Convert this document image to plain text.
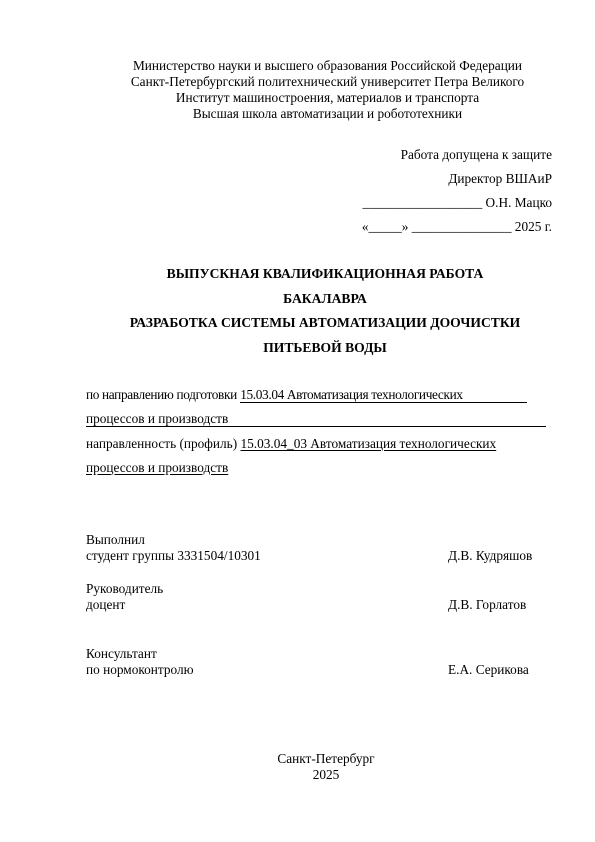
Министерство науки и высшего образования Российской Федерации
Санкт-Петербургский политехнический университет Петра Великого
Институт машиностроения, материалов и транспорта
Высшая школа автоматизации и робототехники
Работа допущена к защите
Директор ВШАиР
__________________ О.Н. Мацко
«_____» _______________ 2025 г.
ВЫПУСКНАЯ КВАЛИФИКАЦИОННАЯ РАБОТА
БАКАЛАВРА
РАЗРАБОТКА СИСТЕМЫ АВТОМАТИЗАЦИИ ДООЧИСТКИ
ПИТЬЕВОЙ ВОДЫ
по направлению подготовки 15.03.04 Автоматизация технологических
процессов и производств
направленность (профиль) 15.03.04_03 Автоматизация технологических
процессов и производств
Выполнил
студент группы 3331504/10301	Д.В. Кудряшов
Руководитель
доцент	Д.В. Горлатов
Консультант
по нормоконтролю	Е.А. Серикова
Санкт-Петербург
2025
